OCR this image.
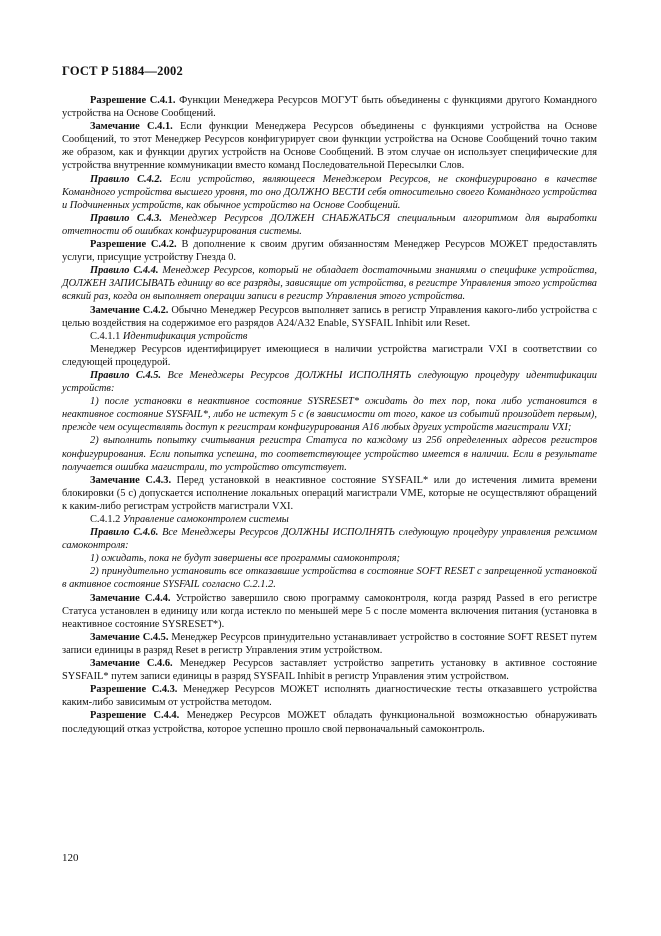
ГОСТ Р 51884—2002

Разрешение С.4.1. Функции Менеджера Ресурсов МОГУТ быть объединены с функциями другого Командного устройства на Основе Сообщений.

Замечание С.4.1. Если функции Менеджера Ресурсов объединены с функциями устройства на Основе Сообщений, то этот Менеджер Ресурсов конфигурирует свои функции устройства на Основе Сообщений точно таким же образом, как и функции других устройств на Основе Сообщений. В этом случае он использует специфические для устройства внутренние коммуникации вместо команд Последовательной Пересылки Слов.

Правило С.4.2. Если устройство, являющееся Менеджером Ресурсов, не сконфигурировано в качестве Командного устройства высшего уровня, то оно ДОЛЖНО ВЕСТИ себя относительно своего Командного устройства и Подчиненных устройств, как обычное устройство на Основе Сообщений.

Правило С.4.3. Менеджер Ресурсов ДОЛЖЕН СНАБЖАТЬСЯ специальным алгоритмом для выработки отчетности об ошибках конфигурирования системы.

Разрешение С.4.2. В дополнение к своим другим обязанностям Менеджер Ресурсов МОЖЕТ предоставлять услуги, присущие устройству Гнезда 0.

Правило С.4.4. Менеджер Ресурсов, который не обладает достаточными знаниями о специфике устройства, ДОЛЖЕН ЗАПИСЫВАТЬ единицу во все разряды, зависящие от устройства, в регистре Управления этого устройства всякий раз, когда он выполняет операции записи в регистр Управления этого устройства.

Замечание С.4.2. Обычно Менеджер Ресурсов выполняет запись в регистр Управления какого-либо устройства с целью воздействия на содержимое его разрядов A24/A32 Enable, SYSFAIL Inhibit или Reset.

С.4.1.1 Идентификация устройств

Менеджер Ресурсов идентифицирует имеющиеся в наличии устройства магистрали VXI в соответствии со следующей процедурой.

Правило С.4.5. Все Менеджеры Ресурсов ДОЛЖНЫ ИСПОЛНЯТЬ следующую процедуру идентификации устройств:

1) после установки в неактивное состояние SYSRESET* ожидать до тех пор, пока либо установится в неактивное состояние SYSFAIL*, либо не истекут 5 с (в зависимости от того, какое из событий произойдет первым), прежде чем осуществлять доступ к регистрам конфигурирования А16 любых других устройств магистрали VXI;

2) выполнить попытку считывания регистра Статуса по каждому из 256 определенных адресов регистров конфигурирования. Если попытка успешна, то соответствующее устройство имеется в наличии. Если в результате получается ошибка магистрали, то устройство отсутствует.

Замечание С.4.3. Перед установкой в неактивное состояние SYSFAIL* или до истечения лимита времени блокировки (5 с) допускается исполнение локальных операций магистрали VME, которые не осуществляют обращений к каким-либо регистрам устройств магистрали VXI.

С.4.1.2 Управление самоконтролем системы

Правило С.4.6. Все Менеджеры Ресурсов ДОЛЖНЫ ИСПОЛНЯТЬ следующую процедуру управления режимом самоконтроля:

1) ожидать, пока не будут завершены все программы самоконтроля;

2) принудительно установить все отказавшие устройства в состояние SOFT RESET с запрещенной установкой в активное состояние SYSFAIL согласно С.2.1.2.

Замечание С.4.4. Устройство завершило свою программу самоконтроля, когда разряд Passed в его регистре Статуса установлен в единицу или когда истекло по меньшей мере 5 с после момента включения питания (установка в неактивное состояние SYSRESET*).

Замечание С.4.5. Менеджер Ресурсов принудительно устанавливает устройство в состояние SOFT RESET путем записи единицы в разряд Reset в регистр Управления этим устройством.

Замечание С.4.6. Менеджер Ресурсов заставляет устройство запретить установку в активное состояние SYSFAIL* путем записи единицы в разряд SYSFAIL Inhibit в регистр Управления этим устройством.

Разрешение С.4.3. Менеджер Ресурсов МОЖЕТ исполнять диагностические тесты отказавшего устройства каким-либо зависимым от устройства методом.

Разрешение С.4.4. Менеджер Ресурсов МОЖЕТ обладать функциональной возможностью обнаруживать последующий отказ устройства, которое успешно прошло свой первоначальный самоконтроль.

120
